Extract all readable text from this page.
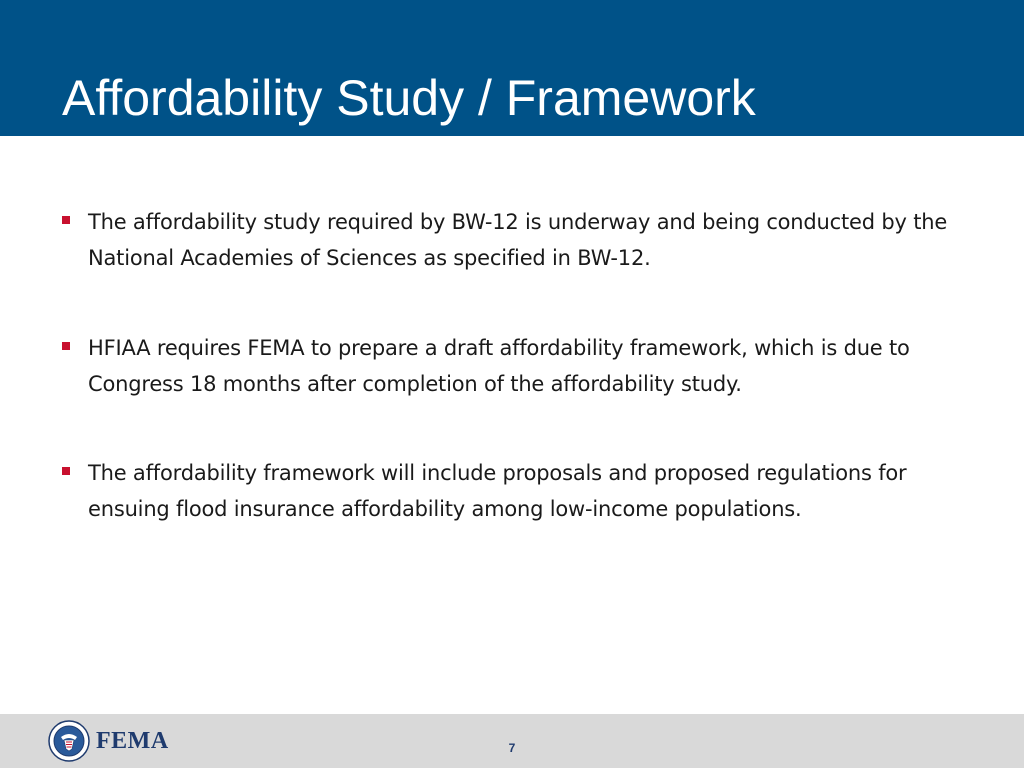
Affordability Study / Framework
The affordability study required by BW-12 is underway and being conducted by the National Academies of Sciences as specified in BW-12.
HFIAA requires FEMA to prepare a draft affordability framework, which is due to Congress 18 months after completion of the affordability study.
The affordability framework will include proposals and proposed regulations for ensuing flood insurance affordability among low-income populations.
FEMA	7
